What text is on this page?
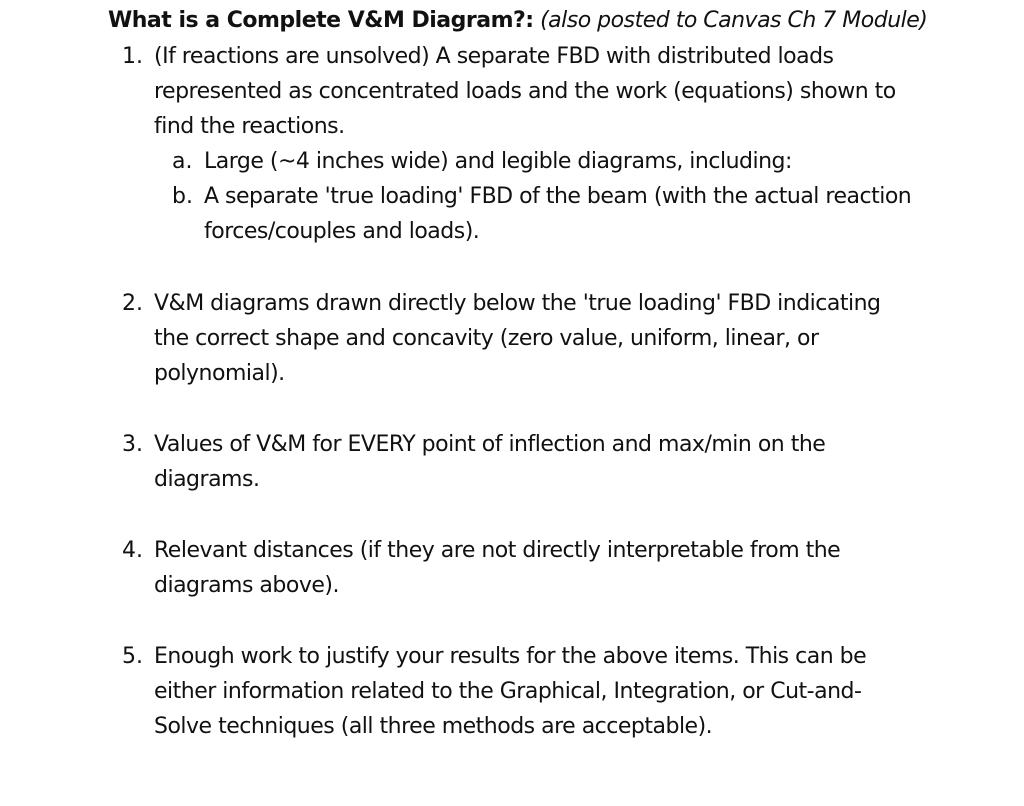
What is a Complete V&M Diagram?: (also posted to Canvas Ch 7 Module)
1. (If reactions are unsolved) A separate FBD with distributed loads
represented as concentrated loads and the work (equations) shown to
find the reactions.
a. Large (~4 inches wide) and legible diagrams, including:
b. A separate 'true loading' FBD of the beam (with the actual reaction
forces/couples and loads).
2. V&M diagrams drawn directly below the 'true loading' FBD indicating
the correct shape and concavity (zero value, uniform, linear, or
polynomial).
3. Values of V&M for EVERY point of inflection and max/min on the
diagrams.
4. Relevant distances (if they are not directly interpretable from the
diagrams above).
5. Enough work to justify your results for the above items. This can be
either information related to the Graphical, Integration, or Cut-and-
Solve techniques (all three methods are acceptable).
